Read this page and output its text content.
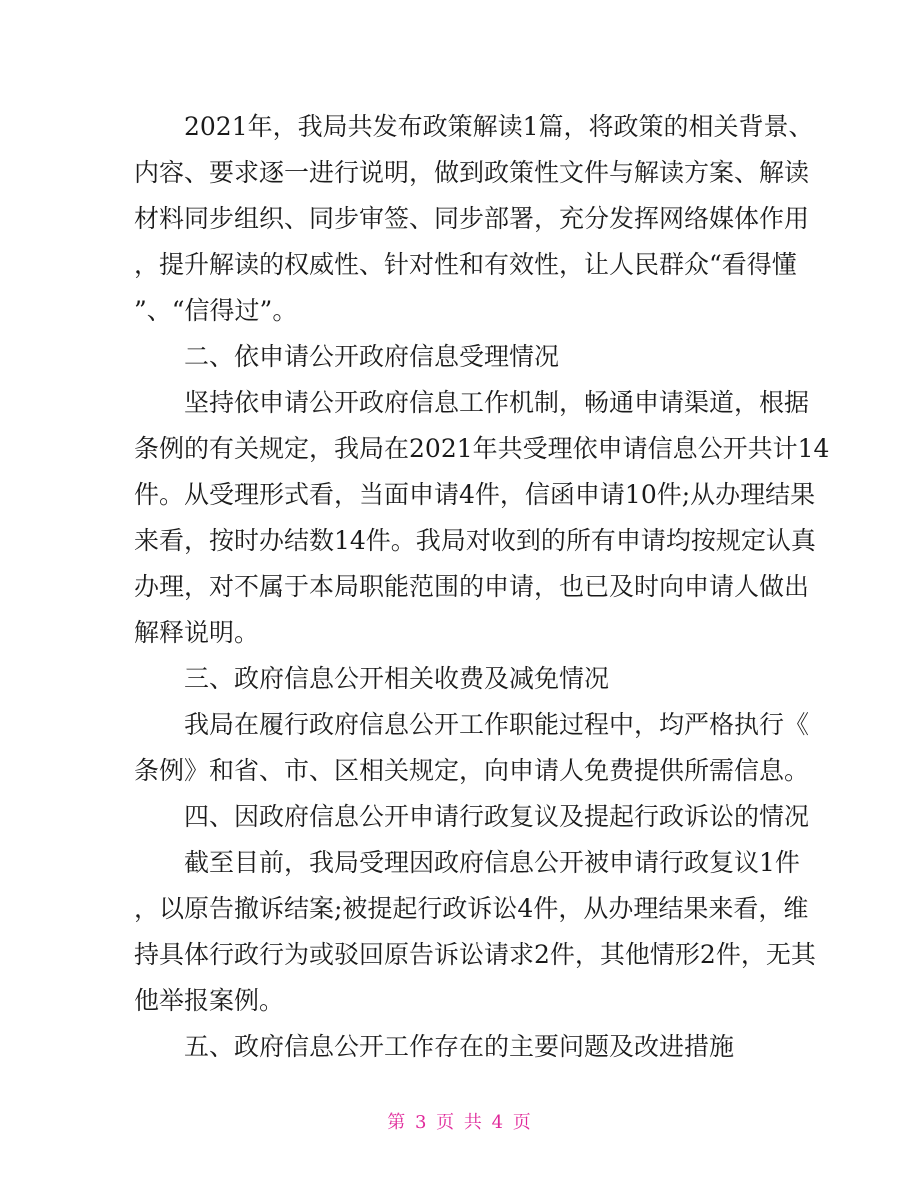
　　2021年，我局共发布政策解读1篇，将政策的相关背景、
内容、要求逐一进行说明，做到政策性文件与解读方案、解读
材料同步组织、同步审签、同步部署，充分发挥网络媒体作用
，提升解读的权威性、针对性和有效性，让人民群众“看得懂
”、“信得过”。
　　二、依申请公开政府信息受理情况
　　坚持依申请公开政府信息工作机制，畅通申请渠道，根据
条例的有关规定，我局在2021年共受理依申请信息公开共计14
件。从受理形式看，当面申请4件，信函申请10件;从办理结果
来看，按时办结数14件。我局对收到的所有申请均按规定认真
办理，对不属于本局职能范围的申请，也已及时向申请人做出
解释说明。
　　三、政府信息公开相关收费及减免情况
　　我局在履行政府信息公开工作职能过程中，均严格执行《
条例》和省、市、区相关规定，向申请人免费提供所需信息。
　　四、因政府信息公开申请行政复议及提起行政诉讼的情况
　　截至目前，我局受理因政府信息公开被申请行政复议1件
，以原告撤诉结案;被提起行政诉讼4件，从办理结果来看，维
持具体行政行为或驳回原告诉讼请求2件，其他情形2件，无其
他举报案例。
　　五、政府信息公开工作存在的主要问题及改进措施
第 3 页 共 4 页
